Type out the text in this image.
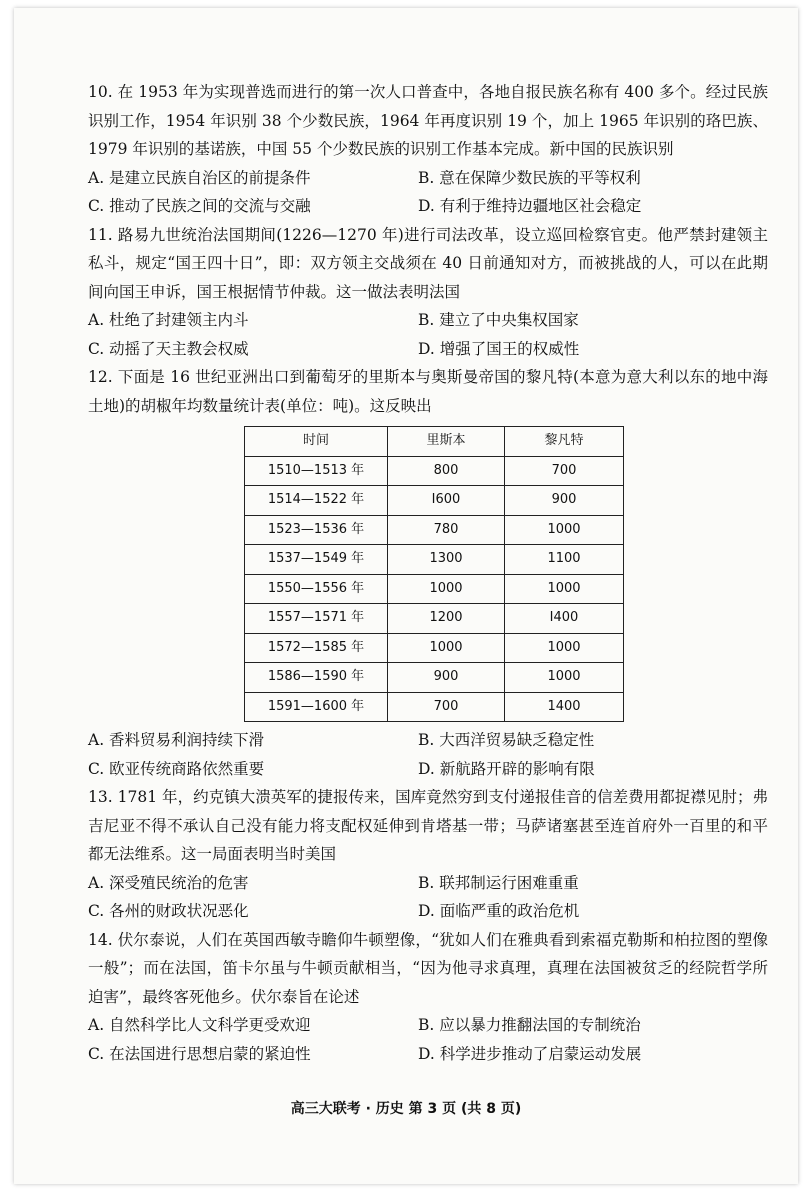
10. 在 1953 年为实现普选而进行的第一次人口普查中，各地自报民族名称有 400 多个。经过民族识别工作，1954 年识别 38 个少数民族，1964 年再度识别 19 个，加上 1965 年识别的珞巴族、1979 年识别的基诺族，中国 55 个少数民族的识别工作基本完成。新中国的民族识别

A. 是建立民族自治区的前提条件	B. 意在保障少数民族的平等权利
C. 推动了民族之间的交流与交融	D. 有利于维持边疆地区社会稳定

11. 路易九世统治法国期间(1226—1270 年)进行司法改革，设立巡回检察官吏。他严禁封建领主私斗，规定“国王四十日”，即：双方领主交战须在 40 日前通知对方，而被挑战的人，可以在此期间向国王申诉，国王根据情节仲裁。这一做法表明法国

A. 杜绝了封建领主内斗	B. 建立了中央集权国家
C. 动摇了天主教会权威	D. 增强了国王的权威性

12. 下面是 16 世纪亚洲出口到葡萄牙的里斯本与奥斯曼帝国的黎凡特(本意为意大利以东的地中海土地)的胡椒年均数量统计表(单位：吨)。这反映出

时间	里斯本	黎凡特
1510—1513 年	800	700
1514—1522 年	I600	900
1523—1536 年	780	1000
1537—1549 年	1300	1100
1550—1556 年	1000	1000
1557—1571 年	1200	I400
1572—1585 年	1000	1000
1586—1590 年	900	1000
1591—1600 年	700	1400
A. 香料贸易利润持续下滑	B. 大西洋贸易缺乏稳定性
C. 欧亚传统商路依然重要	D. 新航路开辟的影响有限

13. 1781 年，约克镇大溃英军的捷报传来，国库竟然穷到支付递报佳音的信差费用都捉襟见肘；弗吉尼亚不得不承认自己没有能力将支配权延伸到肯塔基一带；马萨诸塞甚至连首府外一百里的和平都无法维系。这一局面表明当时美国

A. 深受殖民统治的危害	B. 联邦制运行困难重重
C. 各州的财政状况恶化	D. 面临严重的政治危机

14. 伏尔泰说，人们在英国西敏寺瞻仰牛顿塑像，“犹如人们在雅典看到索福克勒斯和柏拉图的塑像一般”；而在法国，笛卡尔虽与牛顿贡献相当，“因为他寻求真理，真理在法国被贫乏的经院哲学所迫害”，最终客死他乡。伏尔泰旨在论述

A. 自然科学比人文科学更受欢迎	B. 应以暴力推翻法国的专制统治
C. 在法国进行思想启蒙的紧迫性	D. 科学进步推动了启蒙运动发展
高三大联考 · 历史 第 3 页 (共 8 页)
